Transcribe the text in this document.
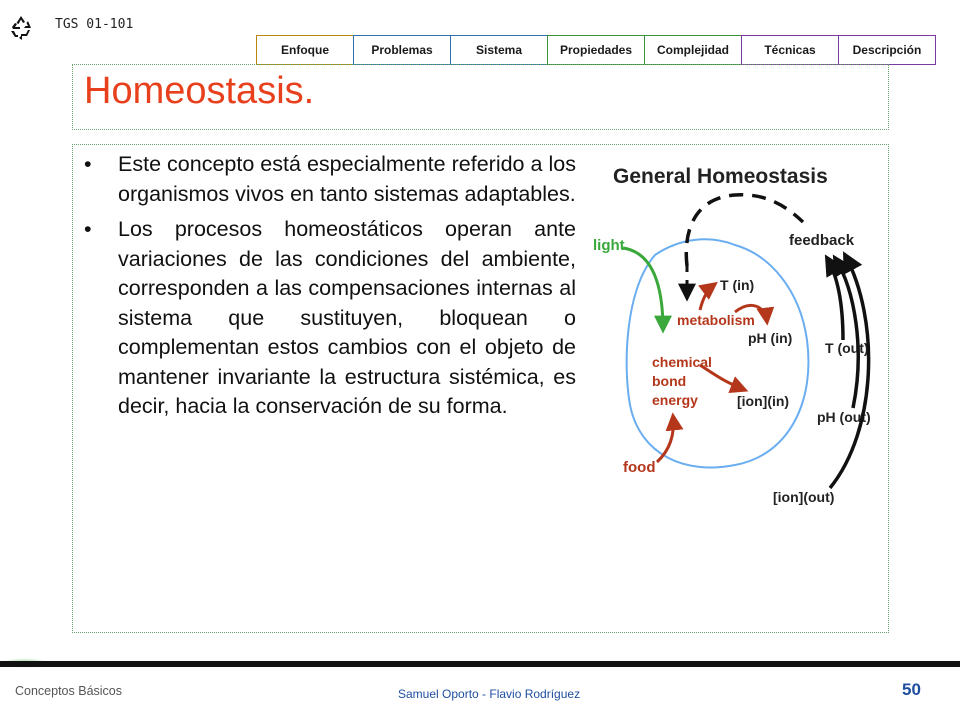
TGS 01-101
Enfoque	Problemas	Sistema	Propiedades	Complejidad	Técnicas	Descripción
Homeostasis.
• Este concepto está especialmente referido a los organismos vivos en tanto sistemas adaptables.
• Los procesos homeostáticos operan ante variaciones de las condiciones del ambiente, corresponden a las compensaciones internas al sistema que sustituyen, bloquean o complementan estos cambios con el objeto de mantener invariante la estructura sistémica, es decir, hacia la conservación de su forma.
General Homeostasis
feedback
light
T (in)
metabolism
pH (in)
chemical
bond
energy	[ion](in)
food
T (out)
pH (out)
[ion](out)
Conceptos Básicos	Samuel Oporto - Flavio Rodríguez	50
